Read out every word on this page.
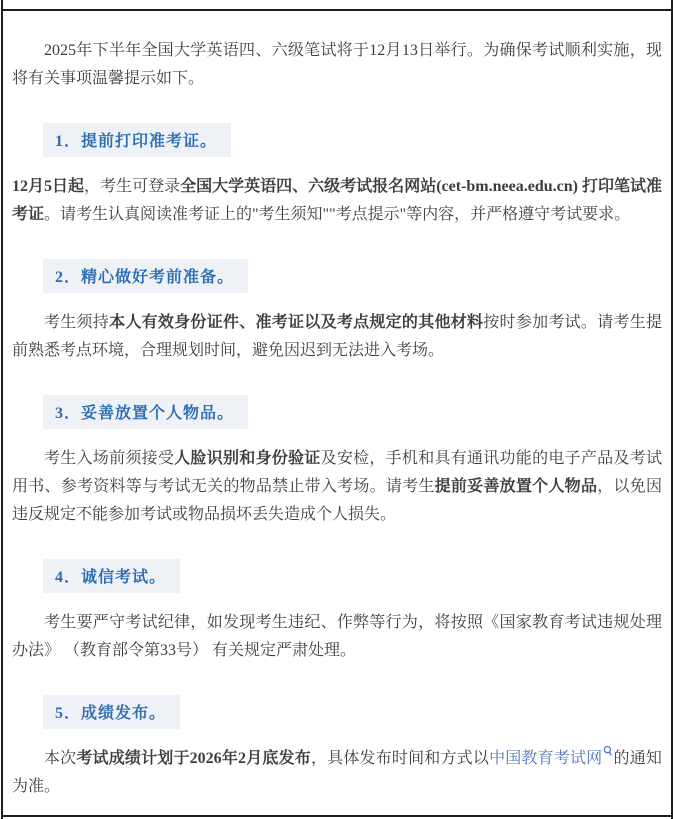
2025年下半年全国大学英语四、六级笔试将于12月13日举行。为确保考试顺利实施，现将有关事项温馨提示如下。

1．提前打印准考证。

12月5日起，考生可登录全国大学英语四、六级考试报名网站(cet-bm.neea.edu.cn) 打印笔试准考证。请考生认真阅读准考证上的"考生须知""考点提示"等内容，并严格遵守考试要求。

2．精心做好考前准备。

考生须持本人有效身份证件、准考证以及考点规定的其他材料按时参加考试。请考生提前熟悉考点环境，合理规划时间，避免因迟到无法进入考场。

3．妥善放置个人物品。

考生入场前须接受人脸识别和身份验证及安检，手机和具有通讯功能的电子产品及考试用书、参考资料等与考试无关的物品禁止带入考场。请考生提前妥善放置个人物品，以免因违反规定不能参加考试或物品损坏丢失造成个人损失。

4．诚信考试。

考生要严守考试纪律，如发现考生违纪、作弊等行为，将按照《国家教育考试违规处理办法》 （教育部令第33号） 有关规定严肃处理。

5．成绩发布。

本次考试成绩计划于2026年2月底发布，具体发布时间和方式以中国教育考试网 的通知为准。
